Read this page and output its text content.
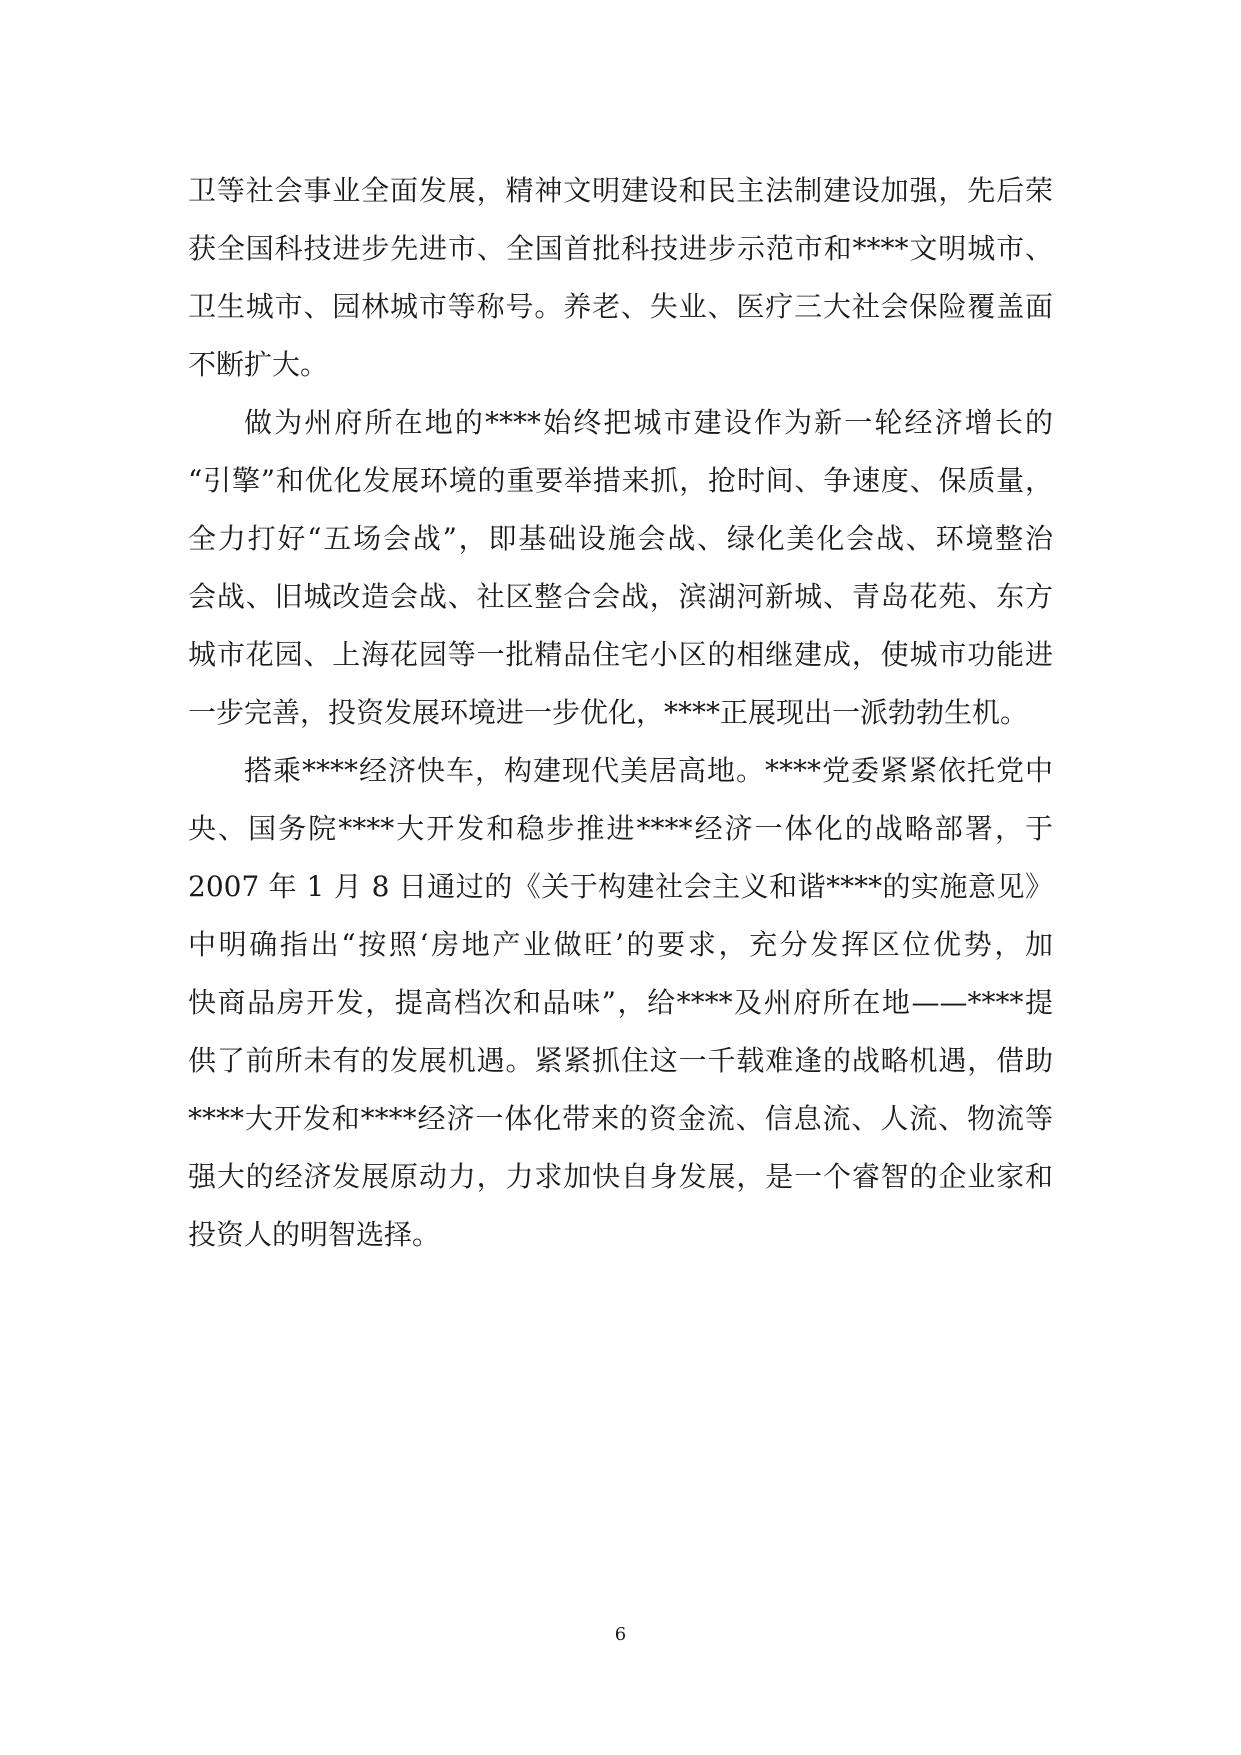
卫等社会事业全面发展，精神文明建设和民主法制建设加强，先后荣
获全国科技进步先进市、全国首批科技进步示范市和****文明城市、
卫生城市、园林城市等称号。养老、失业、医疗三大社会保险覆盖面
不断扩大。
做为州府所在地的****始终把城市建设作为新一轮经济增长的
“引擎”和优化发展环境的重要举措来抓，抢时间、争速度、保质量，
全力打好“五场会战”，即基础设施会战、绿化美化会战、环境整治
会战、旧城改造会战、社区整合会战，滨湖河新城、青岛花苑、东方
城市花园、上海花园等一批精品住宅小区的相继建成，使城市功能进
一步完善，投资发展环境进一步优化，****正展现出一派勃勃生机。
搭乘****经济快车，构建现代美居高地。****党委紧紧依托党中
央、国务院****大开发和稳步推进****经济一体化的战略部署，于
2007 年 1 月 8 日通过的《关于构建社会主义和谐****的实施意见》
中明确指出“按照‘房地产业做旺’的要求，充分发挥区位优势，加
快商品房开发，提高档次和品味”，给****及州府所在地——****提
供了前所未有的发展机遇。紧紧抓住这一千载难逢的战略机遇，借助
****大开发和****经济一体化带来的资金流、信息流、人流、物流等
强大的经济发展原动力，力求加快自身发展，是一个睿智的企业家和
投资人的明智选择。
6
